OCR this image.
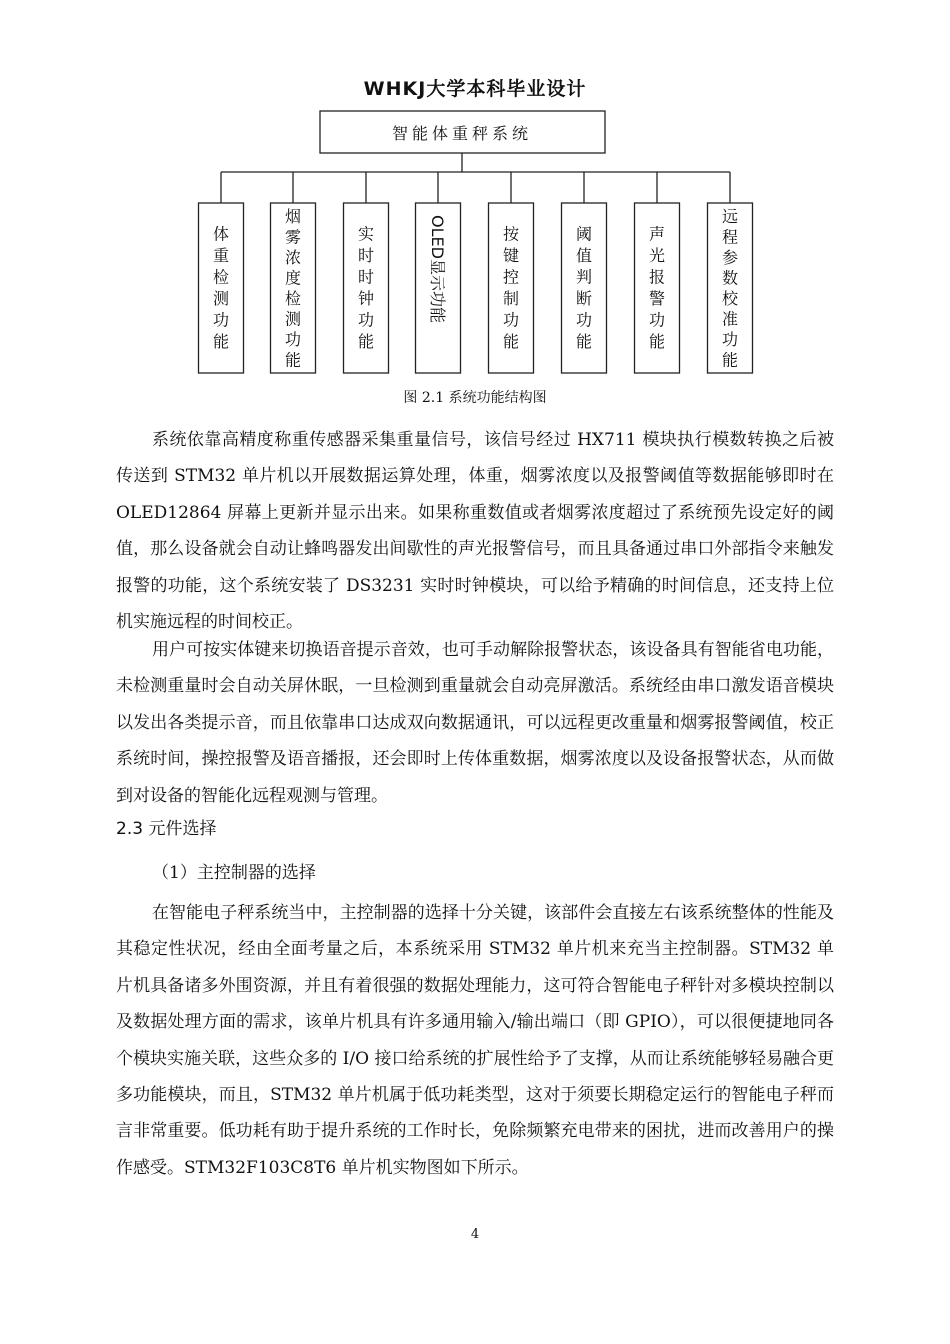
WHKJ大学本科毕业设计
智能体重秤系统
体重检测功能
烟雾浓度检测功能
实时时钟功能
OLED显示功能	按键控制功能
阈值判断功能
声光报警功能
远程参数校准功能
图 2.1 系统功能结构图

系统依靠高精度称重传感器采集重量信号，该信号经过 HX711 模块执行模数转换之后被传送到 STM32 单片机以开展数据运算处理，体重，烟雾浓度以及报警阈值等数据能够即时在 OLED12864 屏幕上更新并显示出来。如果称重数值或者烟雾浓度超过了系统预先设定好的阈值，那么设备就会自动让蜂鸣器发出间歇性的声光报警信号，而且具备通过串口外部指令来触发报警的功能，这个系统安装了 DS3231 实时时钟模块，可以给予精确的时间信息，还支持上位机实施远程的时间校正。

用户可按实体键来切换语音提示音效，也可手动解除报警状态，该设备具有智能省电功能，未检测重量时会自动关屏休眠，一旦检测到重量就会自动亮屏激活。系统经由串口激发语音模块以发出各类提示音，而且依靠串口达成双向数据通讯，可以远程更改重量和烟雾报警阈值，校正系统时间，操控报警及语音播报，还会即时上传体重数据，烟雾浓度以及设备报警状态，从而做到对设备的智能化远程观测与管理。

2.3 元件选择
（1）主控制器的选择

在智能电子秤系统当中，主控制器的选择十分关键，该部件会直接左右该系统整体的性能及其稳定性状况，经由全面考量之后，本系统采用 STM32 单片机来充当主控制器。STM32 单片机具备诸多外围资源，并且有着很强的数据处理能力，这可符合智能电子秤针对多模块控制以及数据处理方面的需求，该单片机具有许多通用输入/输出端口（即 GPIO），可以很便捷地同各个模块实施关联，这些众多的 I/O 接口给系统的扩展性给予了支撑，从而让系统能够轻易融合更多功能模块，而且，STM32 单片机属于低功耗类型，这对于须要长期稳定运行的智能电子秤而言非常重要。低功耗有助于提升系统的工作时长，免除频繁充电带来的困扰，进而改善用户的操作感受。STM32F103C8T6 单片机实物图如下所示。

4
